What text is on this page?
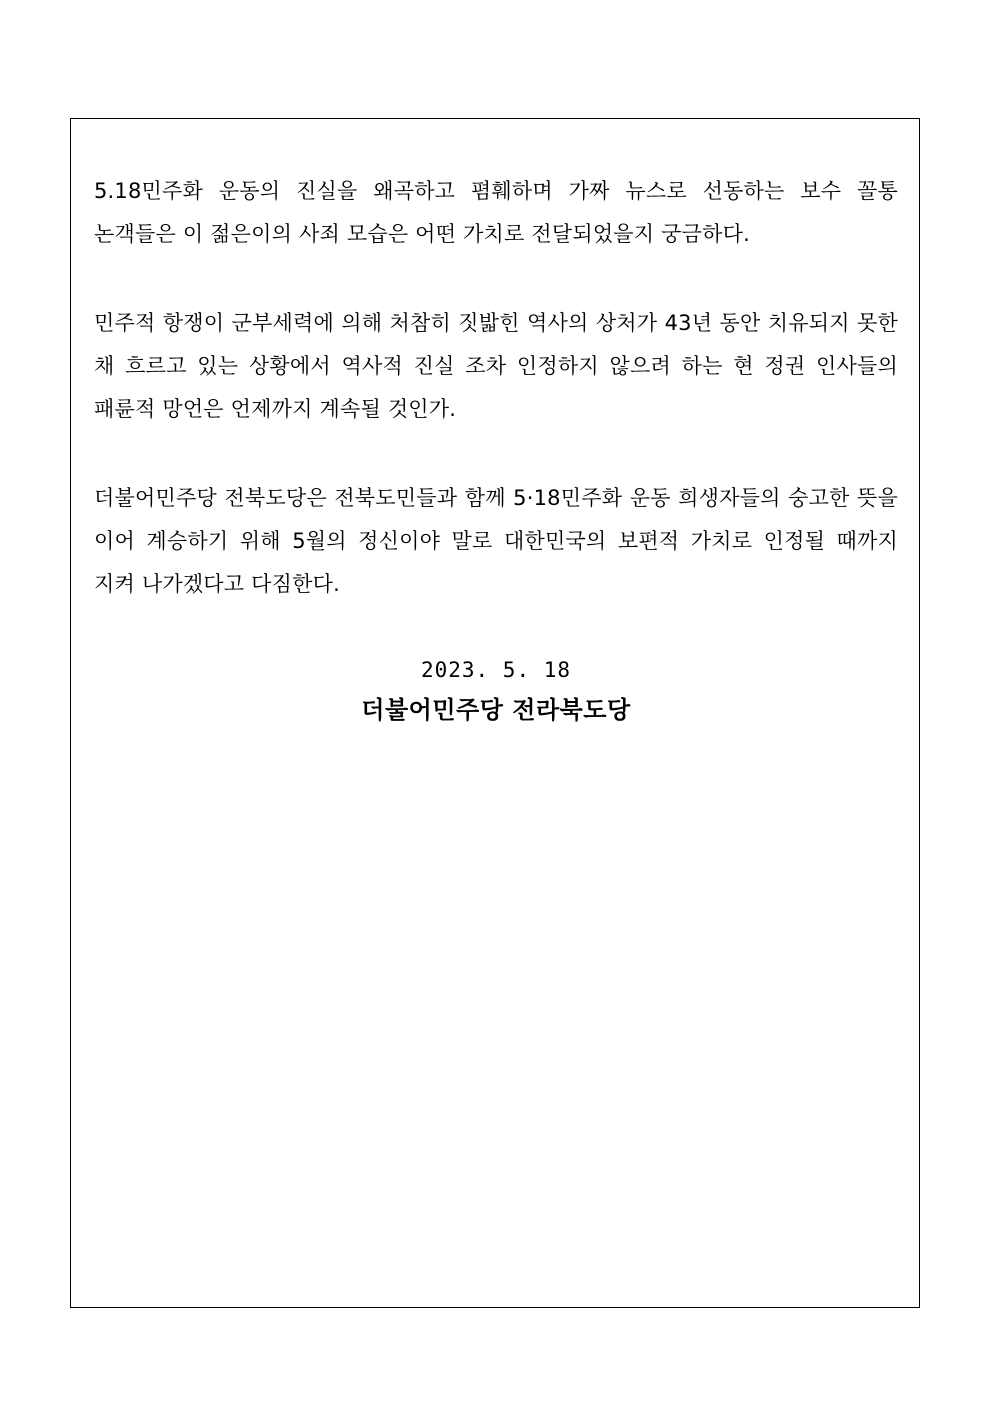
5.18민주화 운동의 진실을 왜곡하고 폄훼하며 가짜 뉴스로 선동하는 보수 꼴통 논객들은 이 젊은이의 사죄 모습은 어떤 가치로 전달되었을지 궁금하다.

민주적 항쟁이 군부세력에 의해 처참히 짓밟힌 역사의 상처가 43년 동안 치유되지 못한 채 흐르고 있는 상황에서 역사적 진실 조차 인정하지 않으려 하는 현 정권 인사들의 패륜적 망언은 언제까지 계속될 것인가.

더불어민주당 전북도당은 전북도민들과 함께 5·18민주화 운동 희생자들의 숭고한 뜻을 이어 계승하기 위해 5월의 정신이야 말로 대한민국의 보편적 가치로 인정될 때까지 지켜 나가겠다고 다짐한다.

2023. 5. 18
더불어민주당 전라북도당
